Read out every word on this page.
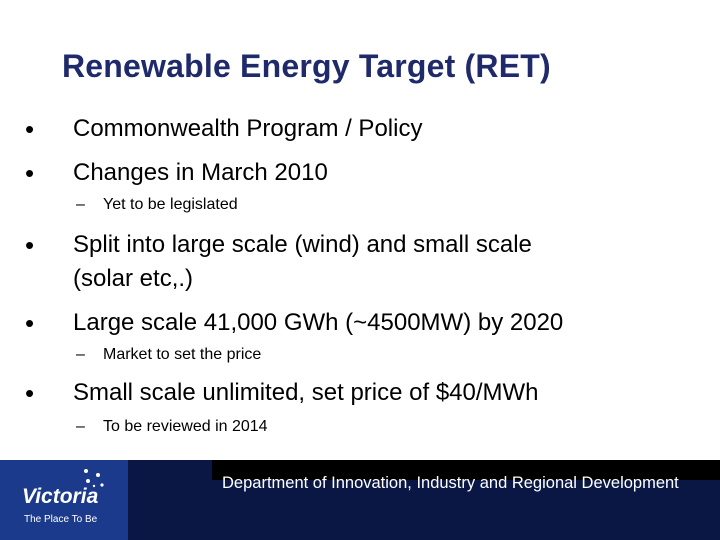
Renewable Energy Target (RET)
• Commonwealth Program / Policy
• Changes in March 2010
– Yet to be legislated
• Split into large scale (wind) and small scale
(solar etc,.)
• Large scale 41,000 GWh (~4500MW) by 2020
– Market to set the price
• Small scale unlimited, set price of $40/MWh
– To be reviewed in 2014
Department of Innovation, Industry and Regional Development
Victoria
The Place To Be
